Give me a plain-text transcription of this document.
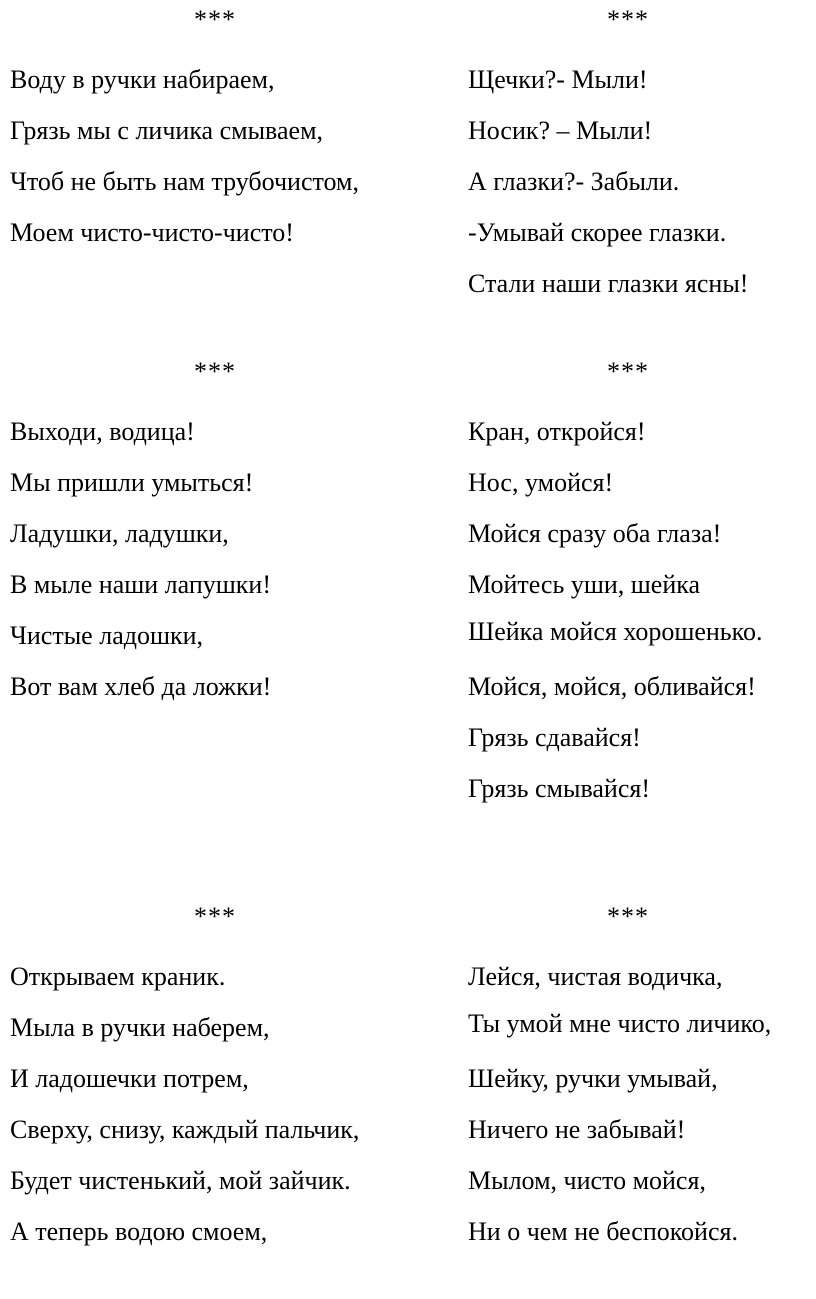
***
Воду в ручки набираем,
Грязь мы с личика смываем,
Чтоб не быть нам трубочистом,
Моем чисто-чисто-чисто!
***
Щечки?- Мыли!
Носик? – Мыли!
А глазки?- Забыли.
-Умывай скорее глазки.
Стали наши глазки ясны!
***
Выходи, водица!
Мы пришли умыться!
Ладушки, ладушки,
В мыле наши лапушки!
Чистые ладошки,
Вот вам хлеб да ложки!
***
Кран, откройся!
Нос, умойся!
Мойся сразу оба глаза!
Мойтесь уши, шейка
Шейка мойся хорошенько.
Мойся, мойся, обливайся!
Грязь сдавайся!
Грязь смывайся!
***
Открываем краник.
Мыла в ручки наберем,
И ладошечки потрем,
Сверху, снизу, каждый пальчик,
Будет чистенький, мой зайчик.
А теперь водою смоем,
***
Лейся, чистая водичка,
Ты умой мне чисто личико,
Шейку, ручки умывай,
Ничего не забывай!
Мылом, чисто мойся,
Ни о чем не беспокойся.
